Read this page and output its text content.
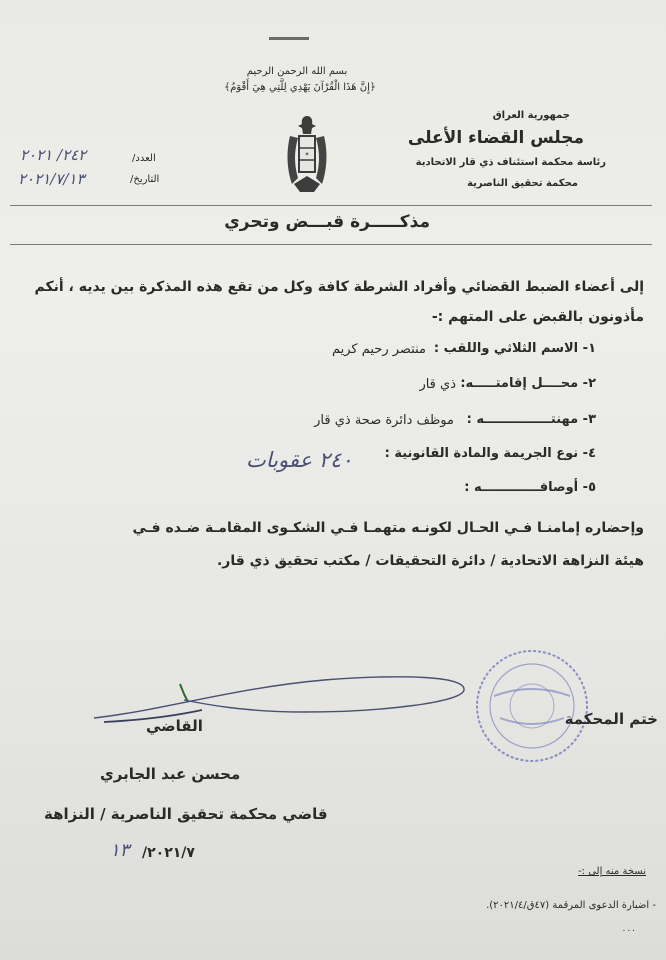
بسم الله الرحمن الرحيم
﴿إِنَّ هَذَا الْقُرْآنَ يَهْدِي لِلَّتِي هِيَ أَقْوَمُ﴾
جمهورية العراق
مجلس القضاء الأعلى
رئاسة محكمة استئناف ذي قار الاتحادية
محكمة تحقيق الناصرية
✶
العدد/
٢٤٢/ ٢٠٢١
التاريخ/
٢٠٢١/٧/١٣
مذكـــــرة قبـــض وتحري
إلى أعضاء الضبط القضائي وأفراد الشرطة كافة وكل من تقع هذه المذكرة بين يديه ، أنكم
مأذونون بالقبض على المتهم :-
١- الاسم الثلاثي واللقب :
منتصر رحيم كريم
٢- محــــل إقامتـــــه:
ذي قار
٣- مهنتـــــــــــــــه :
موظف دائرة صحة ذي قار
٤- نوع الجريمة والمادة القانونية :
٢٤٠ عقوبات
٥- أوصافـــــــــــــه :
وإحضاره إمامنـا فـي الحـال لكونـه متهمـا فـي الشكـوى المقامـة ضـده فـي
هيئة النزاهة الاتحادية / دائرة التحقيقات / مكتب تحقيق ذي قار.
ختم المحكمة
القاضي
محسن عبد الجابري
قاضي محكمة تحقيق الناصرية / النزاهة
٢٠٢١/٧/
١٣
نسخة منه إلى :-
- اضبارة الدعوى المرقمة (٤٧ق/٢٠٢١/٤).
٠٠٠
